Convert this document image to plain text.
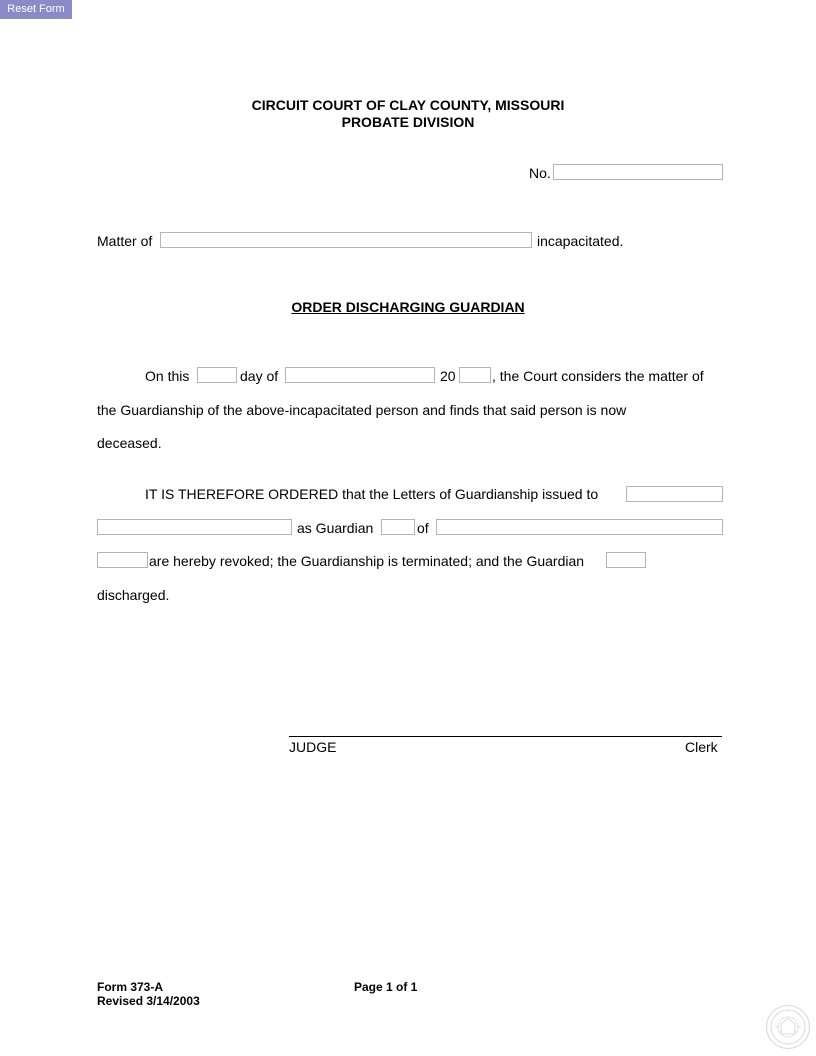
Reset Form
CIRCUIT COURT OF CLAY COUNTY, MISSOURI
PROBATE DIVISION
No.
Matter of	incapacitated.
ORDER DISCHARGING GUARDIAN
On this	day of	20	, the Court considers the matter of
the Guardianship of the above-incapacitated person and finds that said person is now
deceased.
IT IS THEREFORE ORDERED that the Letters of Guardianship issued to
as Guardian	of
are hereby revoked; the Guardianship is terminated; and the Guardian
discharged.
JUDGE	Clerk
Form 373-A
Revised 3/14/2003
Page 1 of 1
